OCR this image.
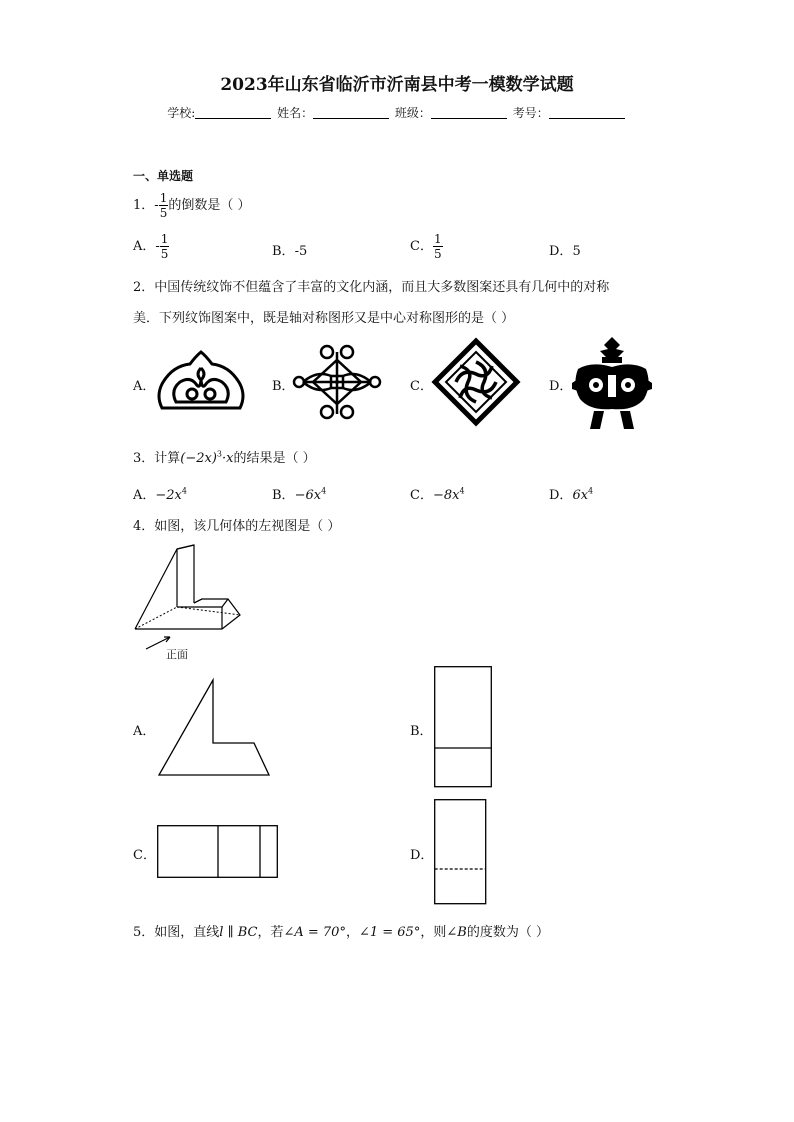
2023年山东省临沂市沂南县中考一模数学试题
学校:	姓名：	班级：	考号：
一、单选题
1．- $\frac{1}{5}$ 的倒数是（ ）
A．- $\frac{1}{5}$	B．-5	C． $\frac{1}{5}$	D．5
2．中国传统纹饰不但蕴含了丰富的文化内涵，而且大多数图案还具有几何中的对称
美．下列纹饰图案中，既是轴对称图形又是中心对称图形的是（ ）
A．	B．	C．	D．
3．计算$(-2x)^3\cdot x$的结果是（ ）
A．$-2x^4$	B．$-6x^4$	C．$-8x^4$	D．$6x^4$
4．如图，该几何体的左视图是（ ）
正面
A．	B．
C．	D．
5．如图，直线l ∥ BC，若∠A = 70°，∠1 = 65°，则∠B的度数为（ ）
